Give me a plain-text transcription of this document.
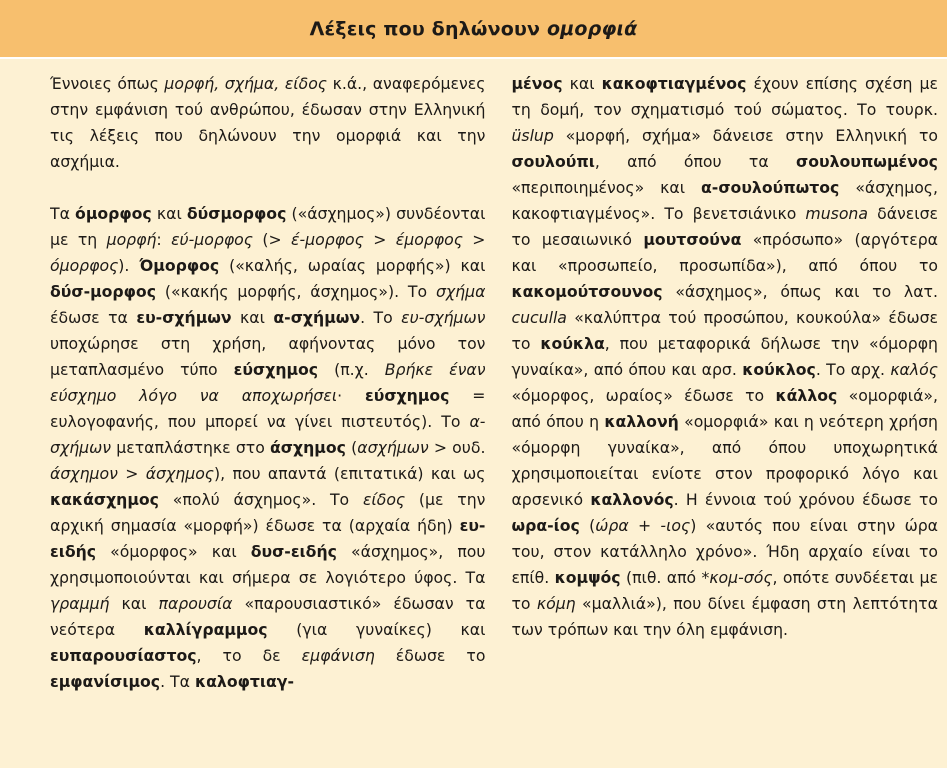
Λέξεις που δηλώνουν ομορφιά

Έννοιες όπως μορφή, σχήμα, είδος κ.ά., αναφερόμενες στην εμφάνιση τού ανθρώπου, έδωσαν στην Ελληνική τις λέξεις που δηλώνουν την ομορφιά και την ασχήμια.

Τα όμορφος και δύσμορφος («άσχημος») συνδέονται με τη μορφή: εύ-μορφος (> έ-μορφος > έμορφος > όμορφος). Όμορφος («καλής, ωραίας μορφής») και δύσ-μορφος («κακής μορφής, άσχημος»). Το σχήμα έδωσε τα ευ-σχήμων και α-σχήμων. Το ευ-σχήμων υποχώρησε στη χρήση, αφήνοντας μόνο τον μεταπλασμένο τύπο εύσχημος (π.χ. Βρήκε έναν εύσχημο λόγο να αποχωρήσει· εύσχημος = ευλογοφανής, που μπορεί να γίνει πιστευτός). Το α-σχήμων μεταπλάστηκε στο άσχημος (ασχήμων > ουδ. άσχημον > άσχημος), που απαντά (επιτατικά) και ως κακάσχημος «πολύ άσχημος». Το είδος (με την αρχική σημασία «μορφή») έδωσε τα (αρχαία ήδη) ευ-ειδής «όμορφος» και δυσ-ειδής «άσχημος», που χρησιμοποιούνται και σήμερα σε λογιότερο ύφος. Τα γραμμή και παρουσία «παρουσιαστικό» έδωσαν τα νεότερα καλλίγραμμος (για γυναίκες) και ευπαρουσίαστος, το δε εμφάνιση έδωσε το εμφανίσιμος. Τα καλοφτιαγ-

μένος και κακοφτιαγμένος έχουν επίσης σχέση με τη δομή, τον σχηματισμό τού σώματος. Το τουρκ. üslup «μορφή, σχήμα» δάνεισε στην Ελληνική το σουλούπι, από όπου τα σουλουπωμένος «περιποιημένος» και α-σουλούπωτος «άσχημος, κακοφτιαγμένος». Το βενετσιάνικο musona δάνεισε το μεσαιωνικό μουτσούνα «πρόσωπο» (αργότερα και «προσωπείο, προσωπίδα»), από όπου το κακομούτσουνος «άσχημος», όπως και το λατ. cuculla «καλύπτρα τού προσώπου, κουκούλα» έδωσε το κούκλα, που μεταφορικά δήλωσε την «όμορφη γυναίκα», από όπου και αρσ. κούκλος. Το αρχ. καλός «όμορφος, ωραίος» έδωσε το κάλλος «ομορφιά», από όπου η καλλονή «ομορφιά» και η νεότερη χρήση «όμορφη γυναίκα», από όπου υποχωρητικά χρησιμοποιείται ενίοτε στον προφορικό λόγο και αρσενικό καλλονός. Η έννοια τού χρόνου έδωσε το ωρα-ίος (ώρα + -ιος) «αυτός που είναι στην ώρα του, στον κατάλληλο χρόνο». Ήδη αρχαίο είναι το επίθ. κομψός (πιθ. από *κομ-σός, οπότε συνδέεται με το κόμη «μαλλιά»), που δίνει έμφαση στη λεπτότητα των τρόπων και την όλη εμφάνιση.
